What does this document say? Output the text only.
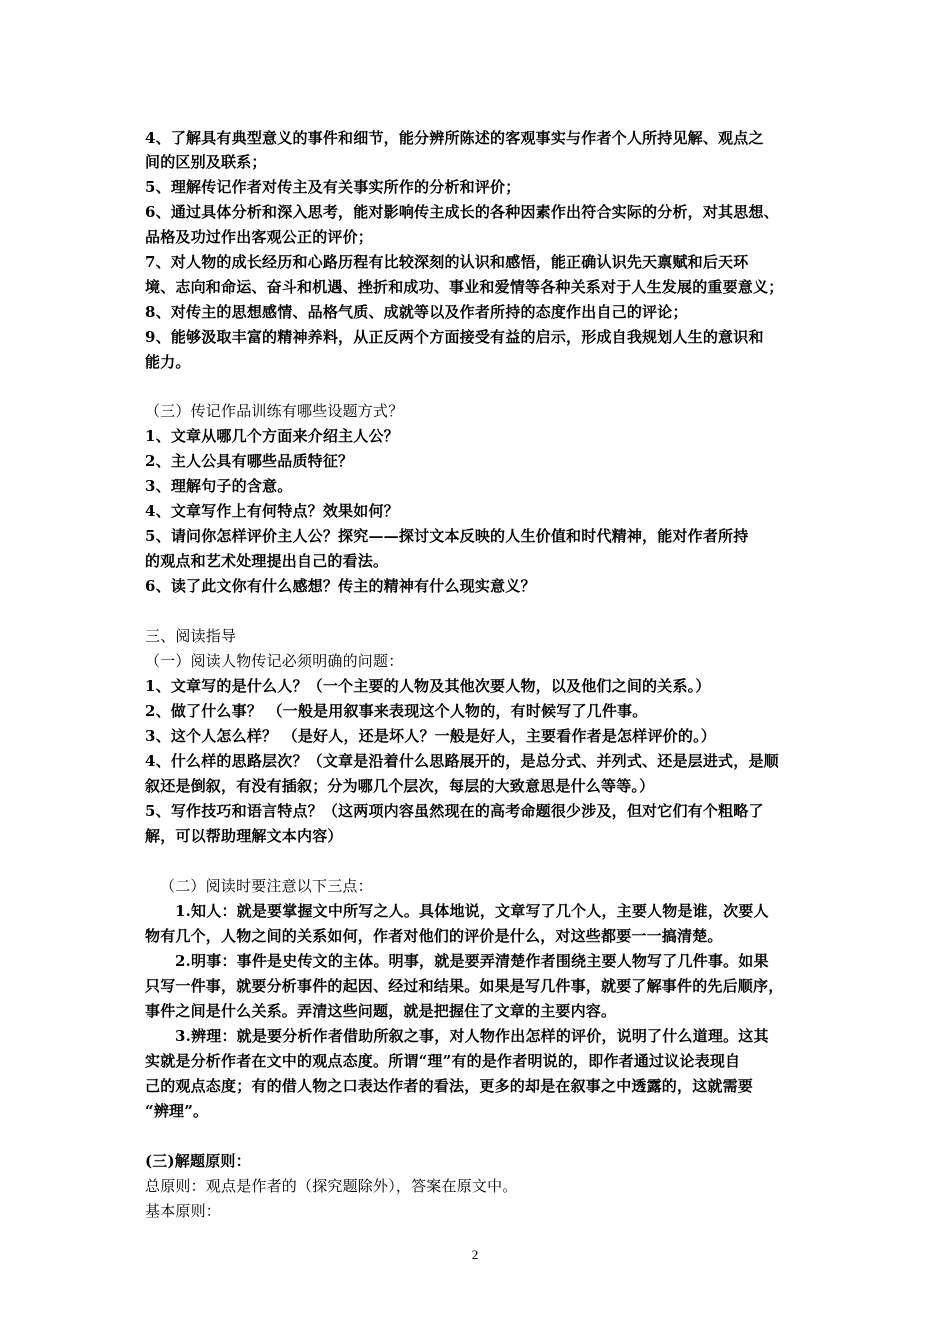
4、了解具有典型意义的事件和细节，能分辨所陈述的客观事实与作者个人所持见解、观点之
间的区别及联系；
5、理解传记作者对传主及有关事实所作的分析和评价；
6、通过具体分析和深入思考，能对影响传主成长的各种因素作出符合实际的分析，对其思想、
品格及功过作出客观公正的评价；
7、对人物的成长经历和心路历程有比较深刻的认识和感悟，能正确认识先天禀赋和后天环
境、志向和命运、奋斗和机遇、挫折和成功、事业和爱情等各种关系对于人生发展的重要意义；
8、对传主的思想感情、品格气质、成就等以及作者所持的态度作出自己的评论；
9、能够汲取丰富的精神养料，从正反两个方面接受有益的启示，形成自我规划人生的意识和
能力。
（三）传记作品训练有哪些设题方式？
1、文章从哪几个方面来介绍主人公？
2、主人公具有哪些品质特征？
3、理解句子的含意。
4、文章写作上有何特点？效果如何？
5、请问你怎样评价主人公？探究——探讨文本反映的人生价值和时代精神，能对作者所持
的观点和艺术处理提出自己的看法。
6、读了此文你有什么感想？传主的精神有什么现实意义？
三、阅读指导
（一）阅读人物传记必须明确的问题：
1、文章写的是什么人？（一个主要的人物及其他次要人物，以及他们之间的关系。）
2、做了什么事？ （一般是用叙事来表现这个人物的，有时候写了几件事。
3、这个人怎么样？ （是好人，还是坏人？一般是好人，主要看作者是怎样评价的。）
4、什么样的思路层次？（文章是沿着什么思路展开的，是总分式、并列式、还是层进式，是顺
叙还是倒叙，有没有插叙；分为哪几个层次，每层的大致意思是什么等等。）
5、写作技巧和语言特点？（这两项内容虽然现在的高考命题很少涉及，但对它们有个粗略了
解，可以帮助理解文本内容）
（二）阅读时要注意以下三点：
1.知人：就是要掌握文中所写之人。具体地说，文章写了几个人，主要人物是谁，次要人
物有几个，人物之间的关系如何，作者对他们的评价是什么，对这些都要一一搞清楚。
2.明事：事件是史传文的主体。明事，就是要弄清楚作者围绕主要人物写了几件事。如果
只写一件事，就要分析事件的起因、经过和结果。如果是写几件事，就要了解事件的先后顺序，
事件之间是什么关系。弄清这些问题，就是把握住了文章的主要内容。
3.辨理：就是要分析作者借助所叙之事，对人物作出怎样的评价，说明了什么道理。这其
实就是分析作者在文中的观点态度。所谓“理”有的是作者明说的，即作者通过议论表现自
己的观点态度；有的借人物之口表达作者的看法，更多的却是在叙事之中透露的，这就需要
“辨理”。
(三)解题原则：
总原则：观点是作者的（探究题除外），答案在原文中。
基本原则：
2
